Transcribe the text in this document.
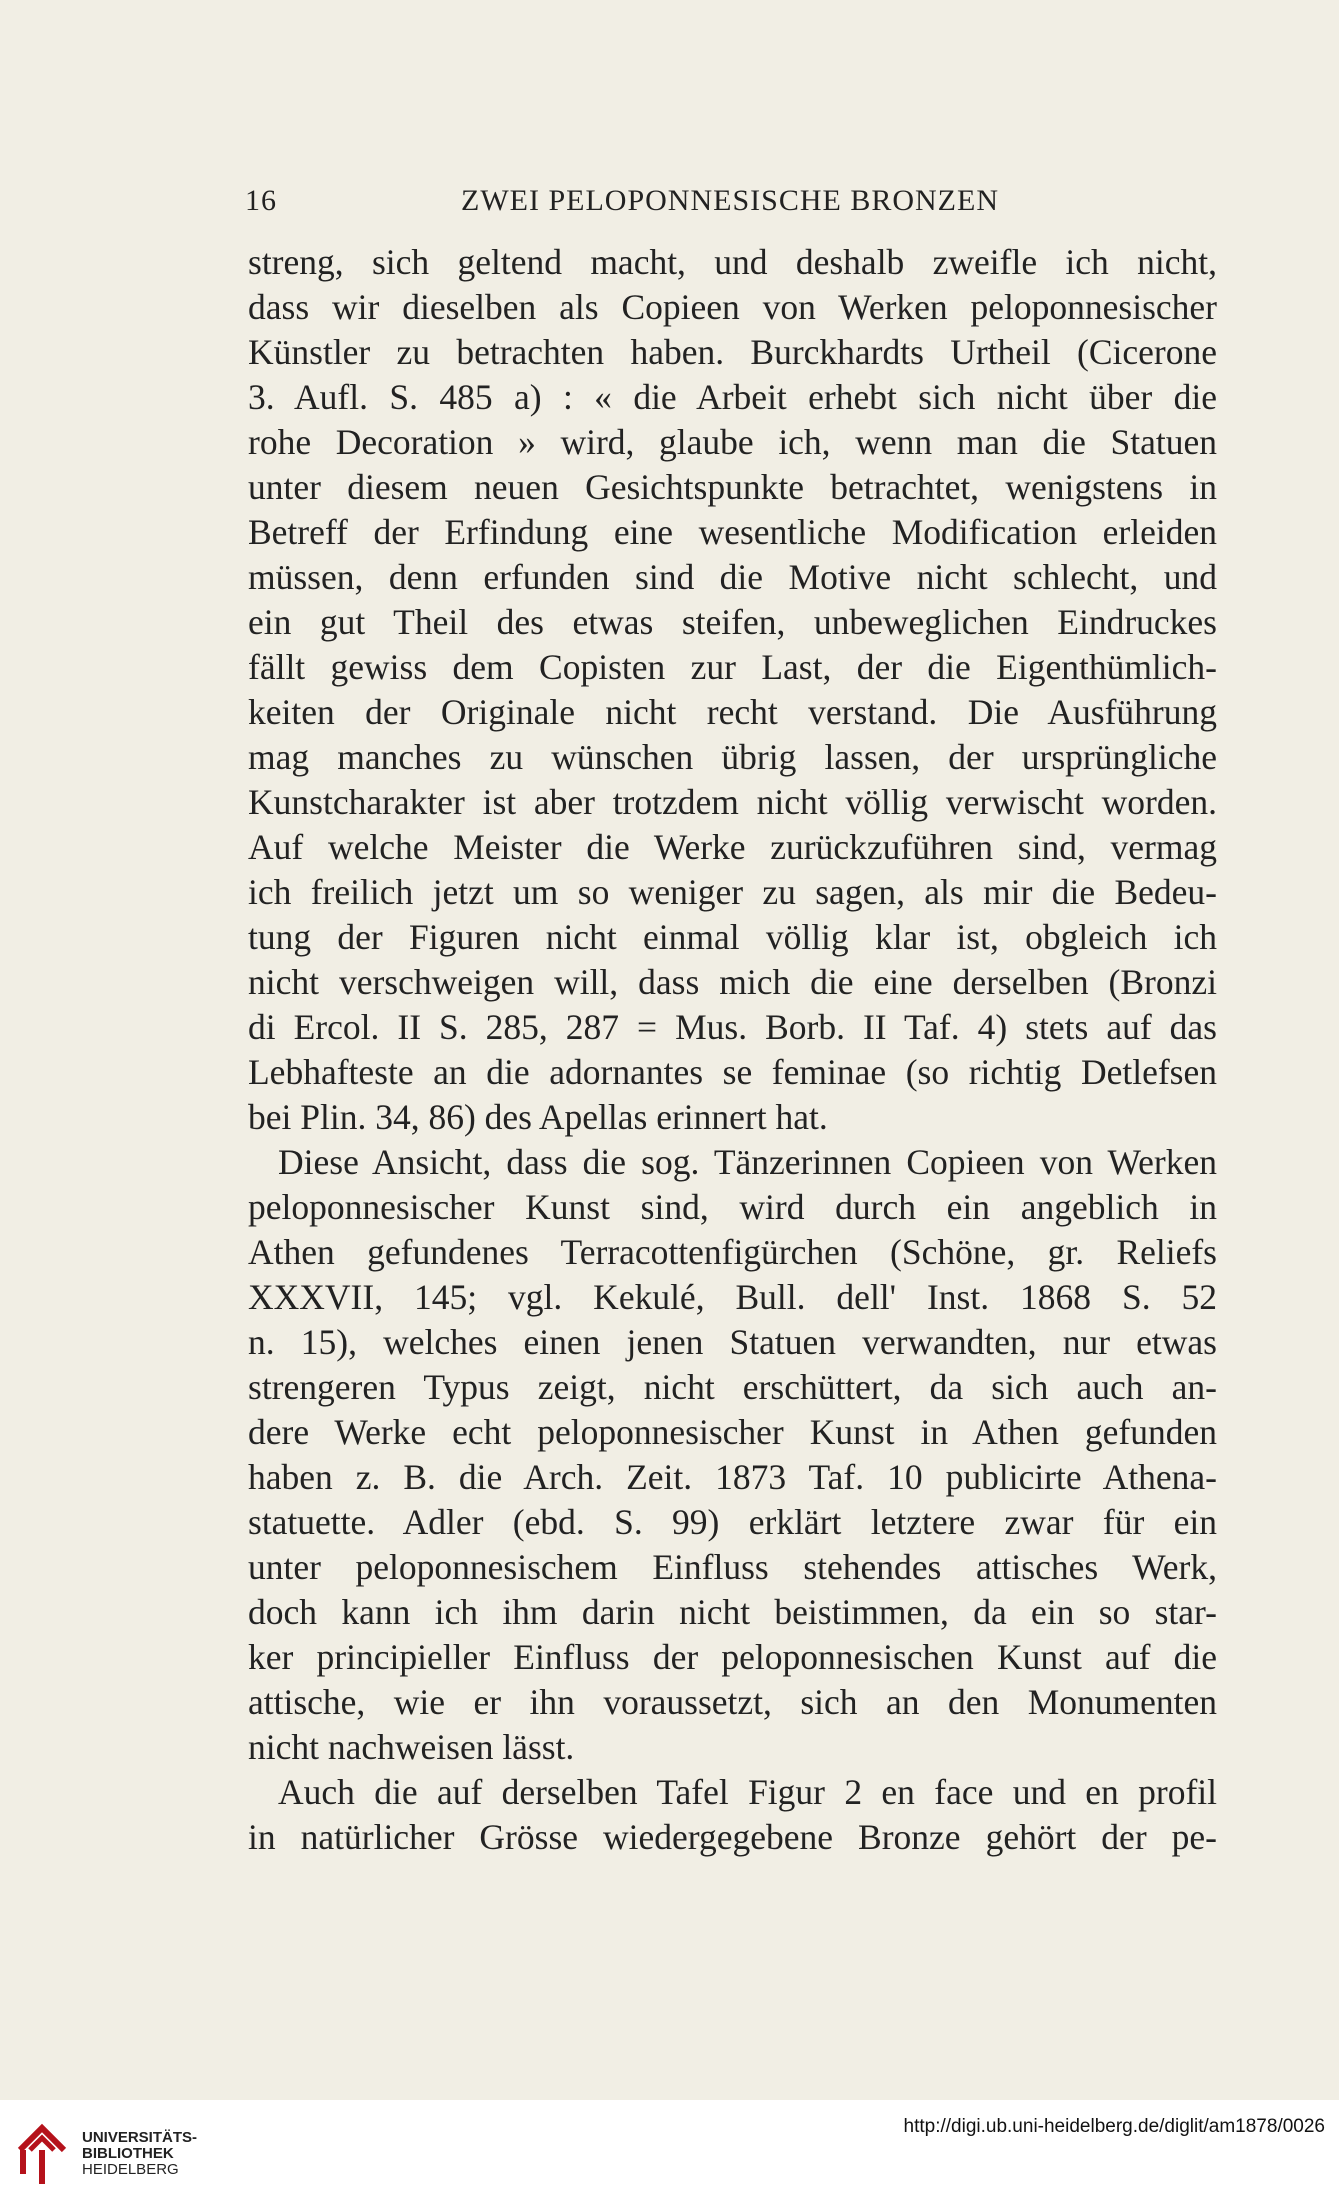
16	ZWEI PELOPONNESISCHE BRONZEN
streng, sich geltend macht, und deshalb zweifle ich nicht,
dass wir dieselben als Copieen von Werken peloponnesischer
Künstler zu betrachten haben. Burckhardts Urtheil (Cicerone
3. Aufl. S. 485 a) : « die Arbeit erhebt sich nicht über die
rohe Decoration » wird, glaube ich, wenn man die Statuen
unter diesem neuen Gesichtspunkte betrachtet, wenigstens in
Betreff der Erfindung eine wesentliche Modification erleiden
müssen, denn erfunden sind die Motive nicht schlecht, und
ein gut Theil des etwas steifen, unbeweglichen Eindruckes
fällt gewiss dem Copisten zur Last, der die Eigenthümlich-
keiten der Originale nicht recht verstand. Die Ausführung
mag manches zu wünschen übrig lassen, der ursprüngliche
Kunstcharakter ist aber trotzdem nicht völlig verwischt worden.
Auf welche Meister die Werke zurückzuführen sind, vermag
ich freilich jetzt um so weniger zu sagen, als mir die Bedeu-
tung der Figuren nicht einmal völlig klar ist, obgleich ich
nicht verschweigen will, dass mich die eine derselben (Bronzi
di Ercol. II S. 285, 287 = Mus. Borb. II Taf. 4) stets auf das
Lebhafteste an die adornantes se feminae (so richtig Detlefsen
bei Plin. 34, 86) des Apellas erinnert hat.
Diese Ansicht, dass die sog. Tänzerinnen Copieen von Werken
peloponnesischer Kunst sind, wird durch ein angeblich in
Athen gefundenes Terracottenfigürchen (Schöne, gr. Reliefs
XXXVII, 145; vgl. Kekulé, Bull. dell' Inst. 1868 S. 52
n. 15), welches einen jenen Statuen verwandten, nur etwas
strengeren Typus zeigt, nicht erschüttert, da sich auch an-
dere Werke echt peloponnesischer Kunst in Athen gefunden
haben z. B. die Arch. Zeit. 1873 Taf. 10 publicirte Athena-
statuette. Adler (ebd. S. 99) erklärt letztere zwar für ein
unter peloponnesischem Einfluss stehendes attisches Werk,
doch kann ich ihm darin nicht beistimmen, da ein so star-
ker principieller Einfluss der peloponnesischen Kunst auf die
attische, wie er ihn voraussetzt, sich an den Monumenten
nicht nachweisen lässt.
Auch die auf derselben Tafel Figur 2 en face und en profil
in natürlicher Grösse wiedergegebene Bronze gehört der pe-
UNIVERSITÄTS-
BIBLIOTHEK
HEIDELBERG
http://digi.ub.uni-heidelberg.de/diglit/am1878/0026
